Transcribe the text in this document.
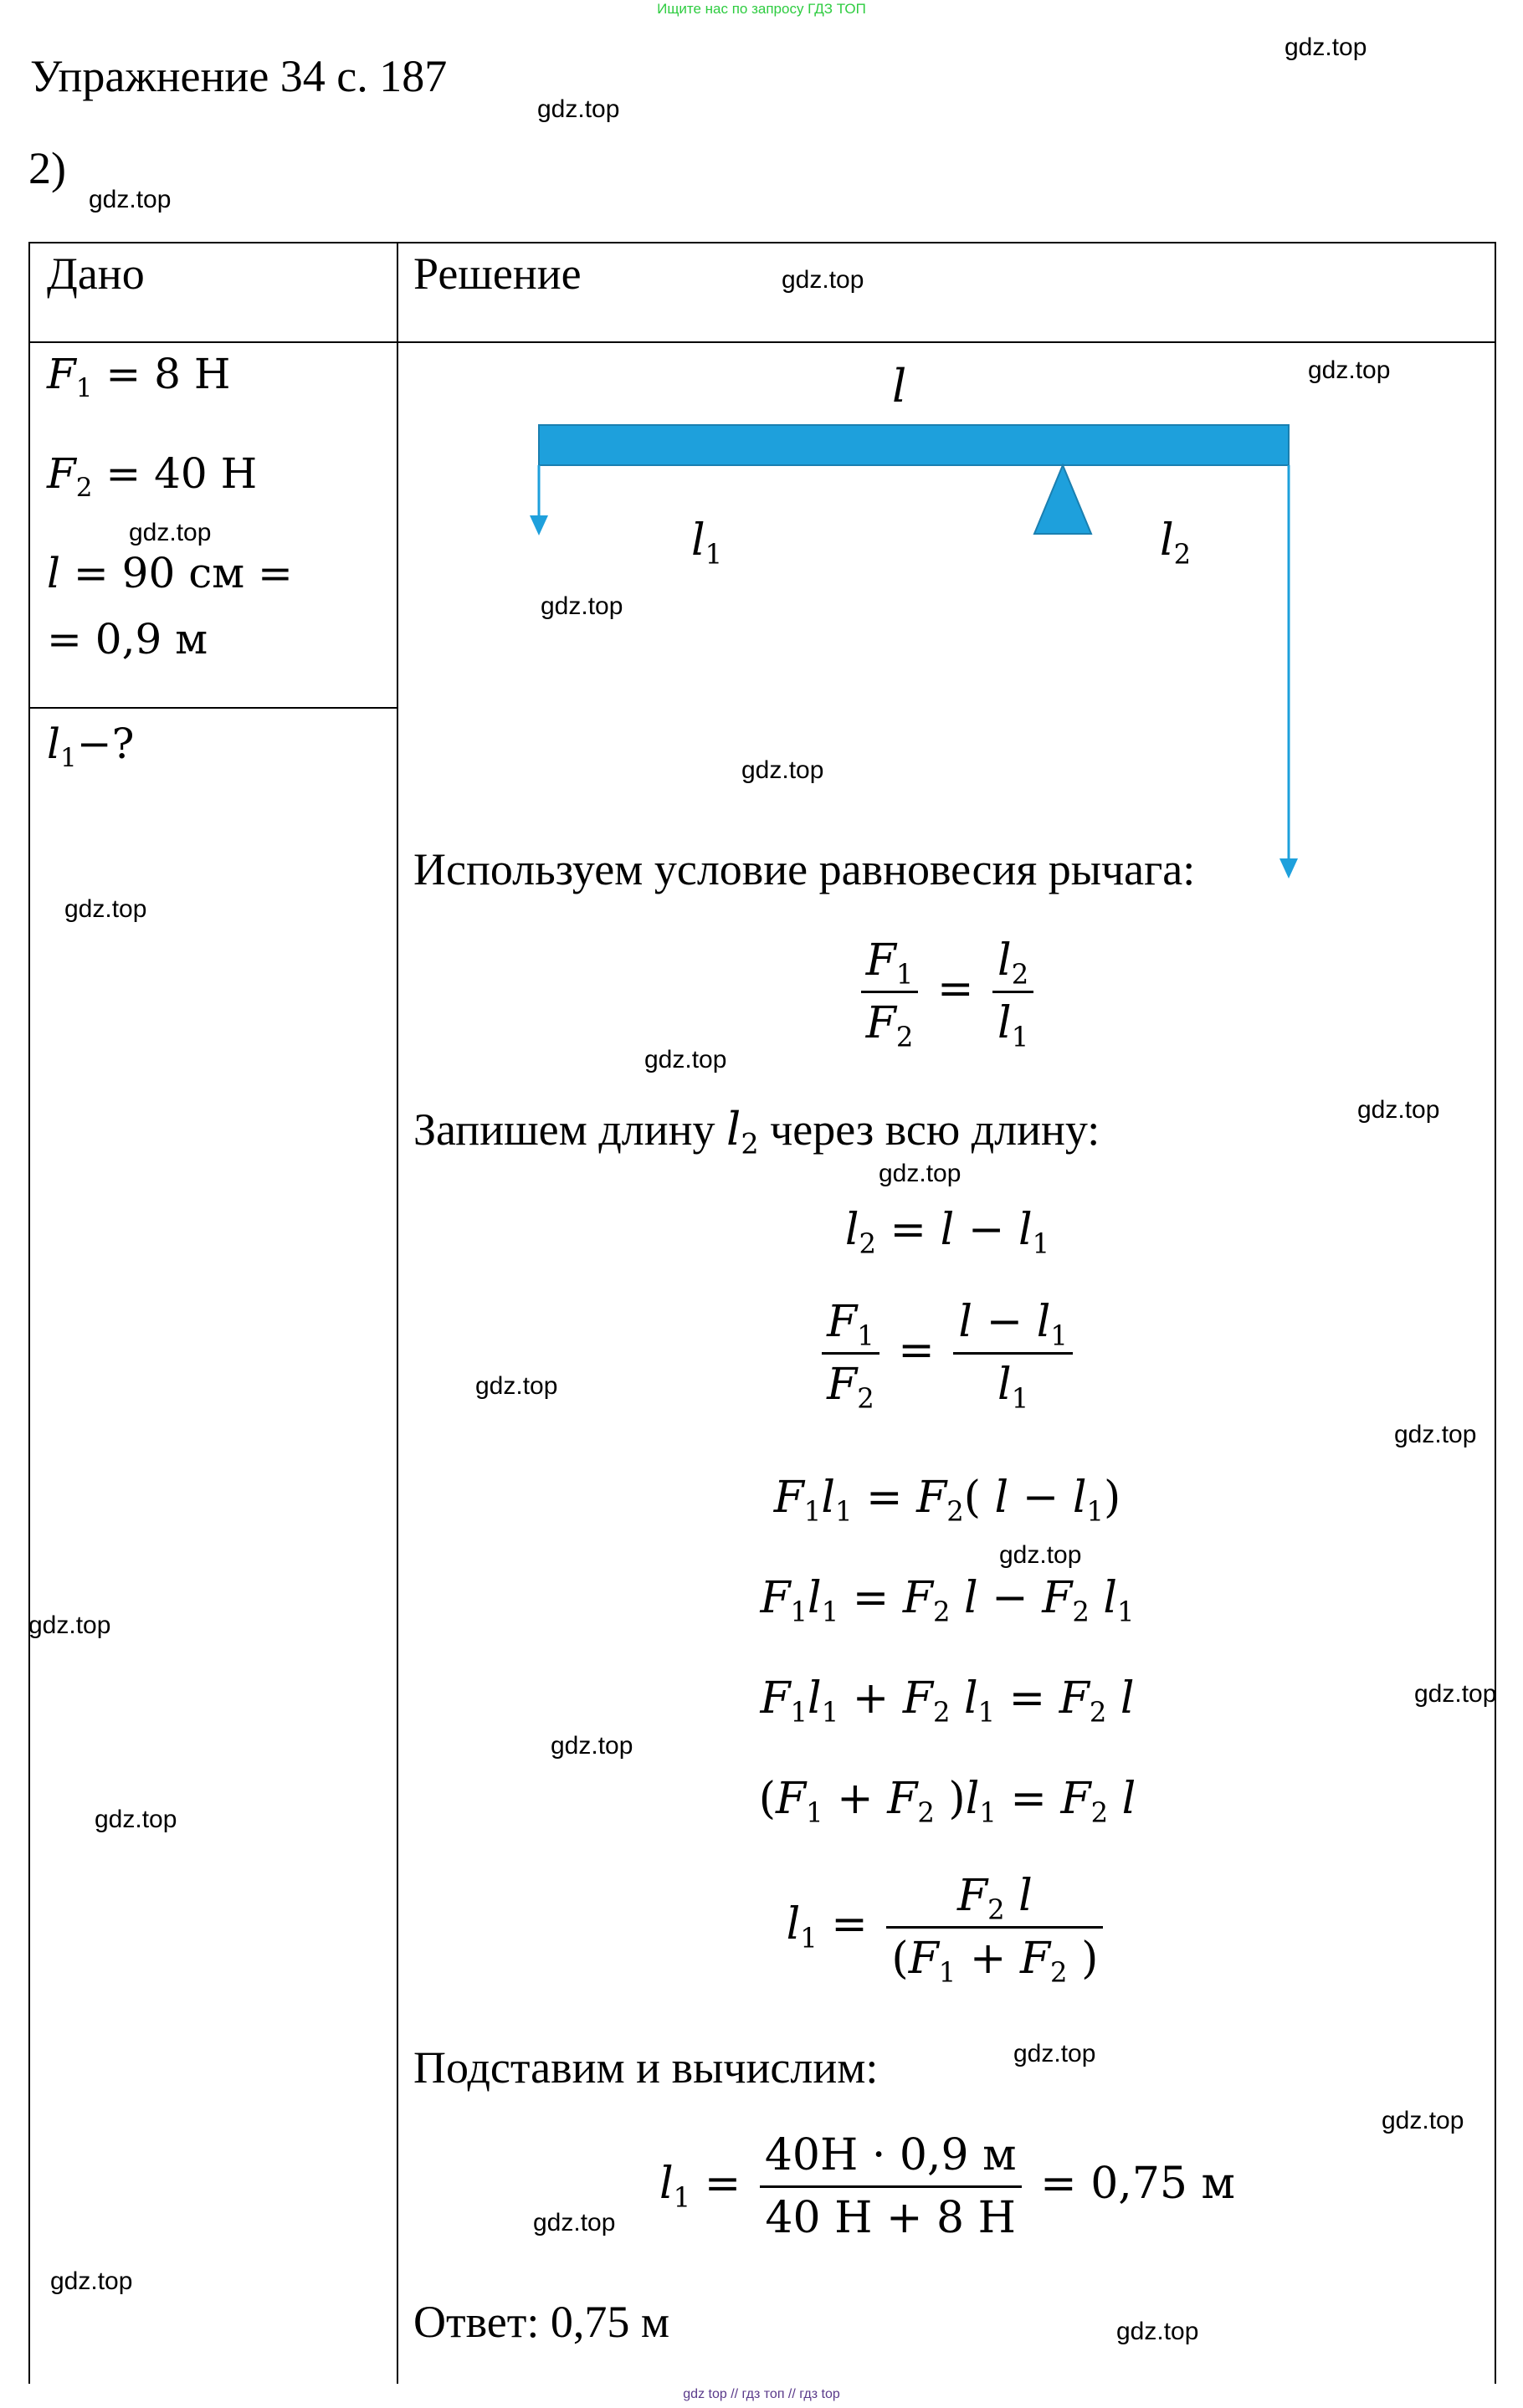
Ищите нас по запросу ГДЗ ТОП
Упражнение 34 с. 187
2)
Дано	Решение
$F_1 = 8$ Н
$F_2 = 40$ Н
l = 90 см =
= 0,9 м
$l_1-$?
l
$l_1$	$l_2$
Используем условие равновесия рычага:
$\frac{F_1}{F_2} = \frac{l_2}{l_1}$
Запишем длину $l_2$ через всю длину:
$l_2 = l - l_1$
$\frac{F_1}{F_2} = \frac{l - l_1}{l_1}$
$F_1l_1 = F_2$( $l - l_1$)
$F_1l_1 = F_2$ $l - F_2$ $l_1$
$F_1l_1 + F_2$ $l_1 = F_2$ l
($F_1 + F_2$ )$l_1 = F_2$ l
$l_1 = \frac{F_2 l}{(F_1 + F_2 )}$
Подставим и вычислим:
$l_1 = \frac{40Н \cdot 0,9 м}{40 Н + 8 Н} = 0,75$ м
Ответ: 0,75 м
gdz.top
gdz.top
gdz.top
gdz.top
gdz.top
gdz.top
gdz.top
gdz.top
gdz.top
gdz.top
gdz.top
gdz.top
gdz.top
gdz.top
gdz.top
gdz.top
gdz.top
gdz.top
gdz.top
gdz.top
gdz.top
gdz.top
gdz.top
gdz.top
gdz top // гдз топ // гдз top
